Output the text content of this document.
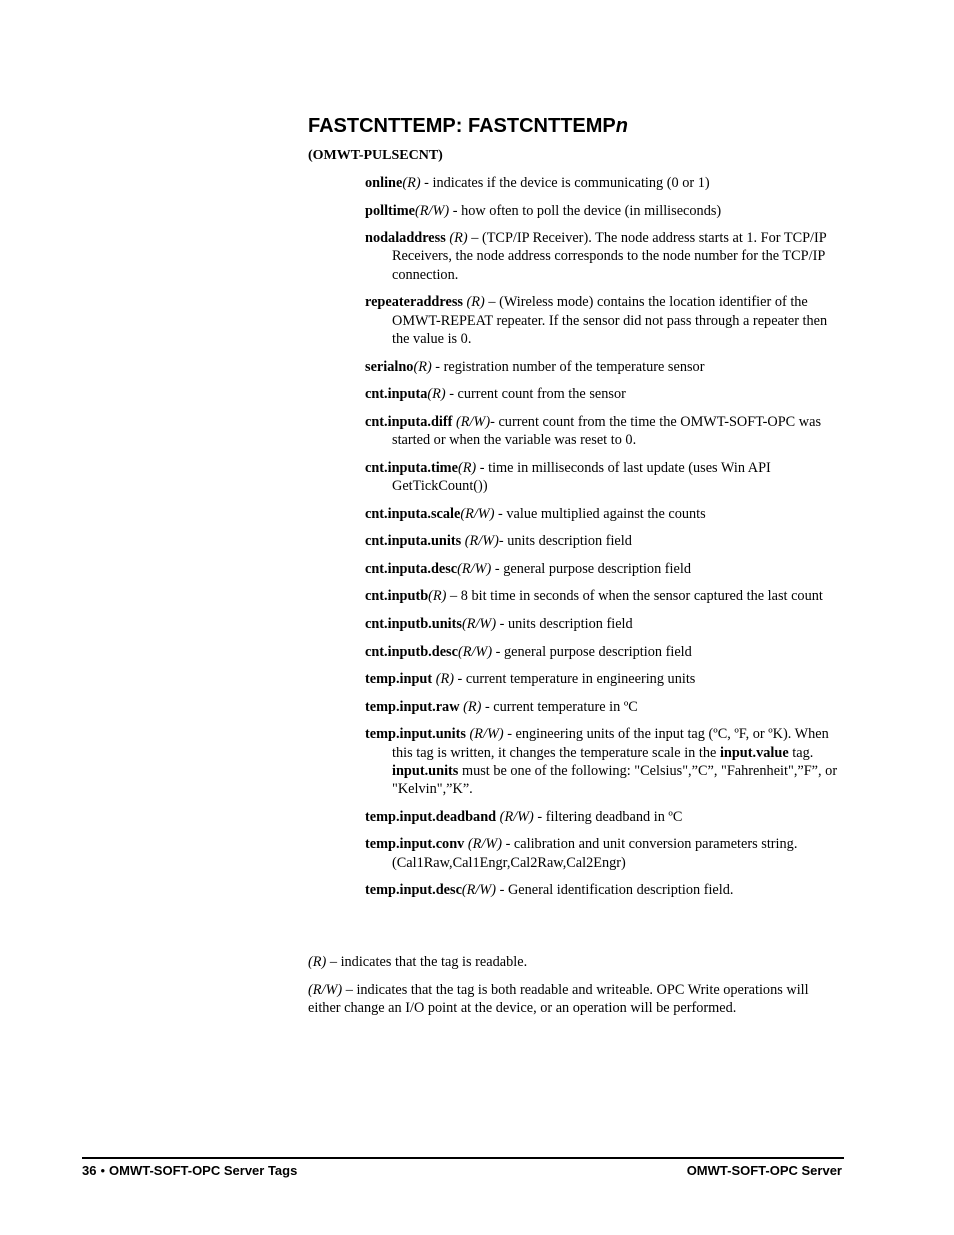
FASTCNTTEMP: FASTCNTTEMPn

(OMWT-PULSECNT)

online(R) - indicates if the device is communicating (0 or 1)

polltime(R/W) - how often to poll the device (in milliseconds)

nodaladdress (R) – (TCP/IP Receiver). The node address starts at 1. For TCP/IP Receivers, the node address corresponds to the node number for the TCP/IP connection.

repeateraddress (R) – (Wireless mode) contains the location identifier of the OMWT-REPEAT repeater. If the sensor did not pass through a repeater then the value is 0.

serialno(R) - registration number of the temperature sensor

cnt.inputa(R) - current count from the sensor

cnt.inputa.diff (R/W)- current count from the time the OMWT-SOFT-OPC was started or when the variable was reset to 0.

cnt.inputa.time(R) - time in milliseconds of last update (uses Win API GetTickCount())

cnt.inputa.scale(R/W) - value multiplied against the counts

cnt.inputa.units (R/W)- units description field

cnt.inputa.desc(R/W) - general purpose description field

cnt.inputb(R) – 8 bit time in seconds of when the sensor captured the last count

cnt.inputb.units(R/W) - units description field

cnt.inputb.desc(R/W) - general purpose description field

temp.input (R) - current temperature in engineering units

temp.input.raw (R) - current temperature in ºC

temp.input.units (R/W) - engineering units of the input tag (ºC, ºF, or ºK). When this tag is written, it changes the temperature scale in the input.value tag. input.units must be one of the following: "Celsius",”C”, "Fahrenheit",”F”, or "Kelvin",”K”.

temp.input.deadband (R/W) - filtering deadband in ºC

temp.input.conv (R/W) - calibration and unit conversion parameters string. (Cal1Raw,Cal1Engr,Cal2Raw,Cal2Engr)

temp.input.desc(R/W) - General identification description field.

(R) – indicates that the tag is readable.

(R/W) – indicates that the tag is both readable and writeable. OPC Write operations will either change an I/O point at the device, or an operation will be performed.

36 • OMWT-SOFT-OPC Server Tags	OMWT-SOFT-OPC Server
